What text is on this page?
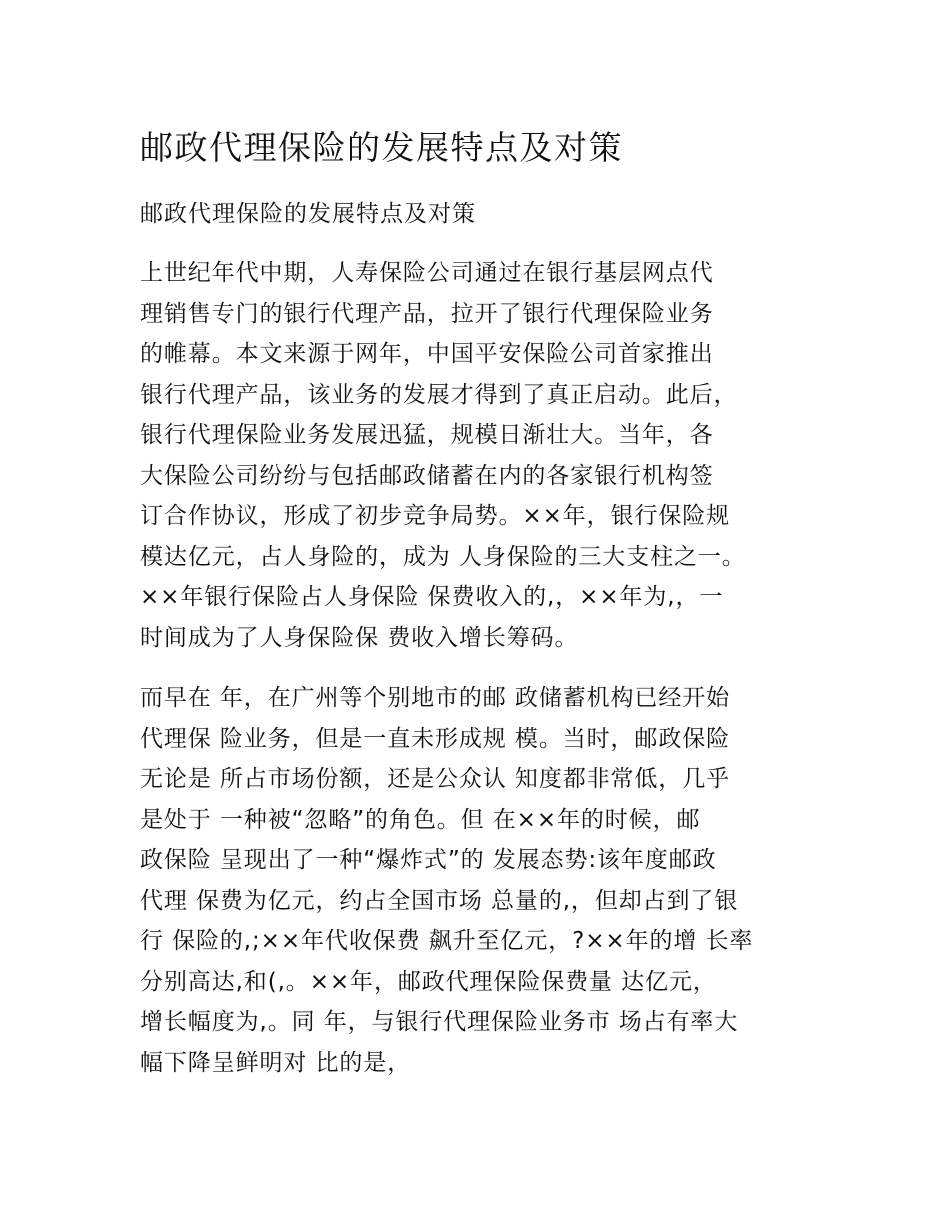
邮政代理保险的发展特点及对策
邮政代理保险的发展特点及对策
上世纪年代中期，人寿保险公司通过在银行基层网点代
理销售专门的银行代理产品，拉开了银行代理保险业务
的帷幕。本文来源于网年，中国平安保险公司首家推出
银行代理产品，该业务的发展才得到了真正启动。此后，
银行代理保险业务发展迅猛，规模日渐壮大。当年，各
大保险公司纷纷与包括邮政储蓄在内的各家银行机构签
订合作协议，形成了初步竞争局势。××年，银行保险规
模达亿元，占人身险的，成为 人身保险的三大支柱之一。
××年银行保险占人身保险 保费收入的,，××年为,，一
时间成为了人身保险保 费收入增长筹码。
而早在 年，在广州等个别地市的邮 政储蓄机构已经开始
代理保 险业务，但是一直未形成规 模。当时，邮政保险
无论是 所占市场份额，还是公众认 知度都非常低，几乎
是处于 一种被“忽略”的角色。但 在××年的时候，邮
政保险 呈现出了一种“爆炸式”的 发展态势:该年度邮政
代理 保费为亿元，约占全国市场 总量的,，但却占到了银
行 保险的,;××年代收保费 飙升至亿元，?××年的增 长率
分别高达,和(,。××年，邮政代理保险保费量 达亿元，
增长幅度为,。同 年，与银行代理保险业务市 场占有率大
幅下降呈鲜明对 比的是，
